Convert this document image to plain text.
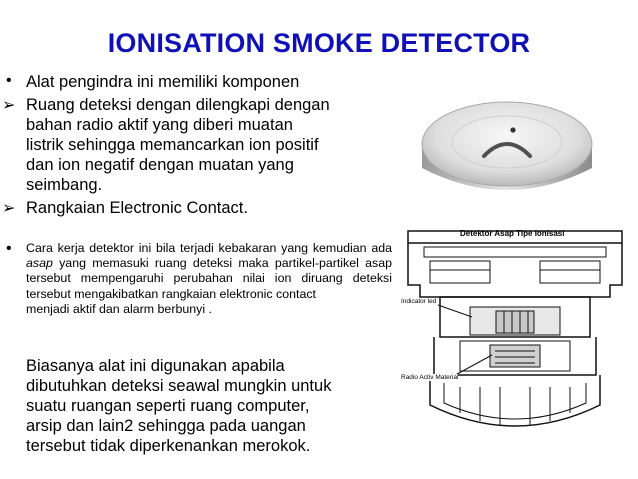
IONISATION SMOKE DETECTOR
• Alat pengindra ini memiliki komponen
➢ Ruang deteksi dengan dilengkapi dengan
bahan radio aktif yang diberi muatan
listrik sehingga memancarkan ion positif
dan ion negatif dengan muatan yang
seimbang.
➢ Rangkaian Electronic Contact.
• Cara kerja detektor ini bila terjadi kebakaran yang kemudian ada asap yang memasuki ruang deteksi maka partikel-partikel asap tersebut mempengaruhi perubahan nilai ion diruang deteksi tersebut mengakibatkan rangkaian elektronic contact
menjadi aktif dan alarm berbunyi .
Biasanya alat ini digunakan apabila
dibutuhkan deteksi seawal mungkin untuk
suatu ruangan seperti ruang computer,
arsip dan lain2 sehingga pada uangan
tersebut tidak diperkenankan merokok.
Detektor Asap Tipe Ionisasi
Indicator led
Radio Activ Material
